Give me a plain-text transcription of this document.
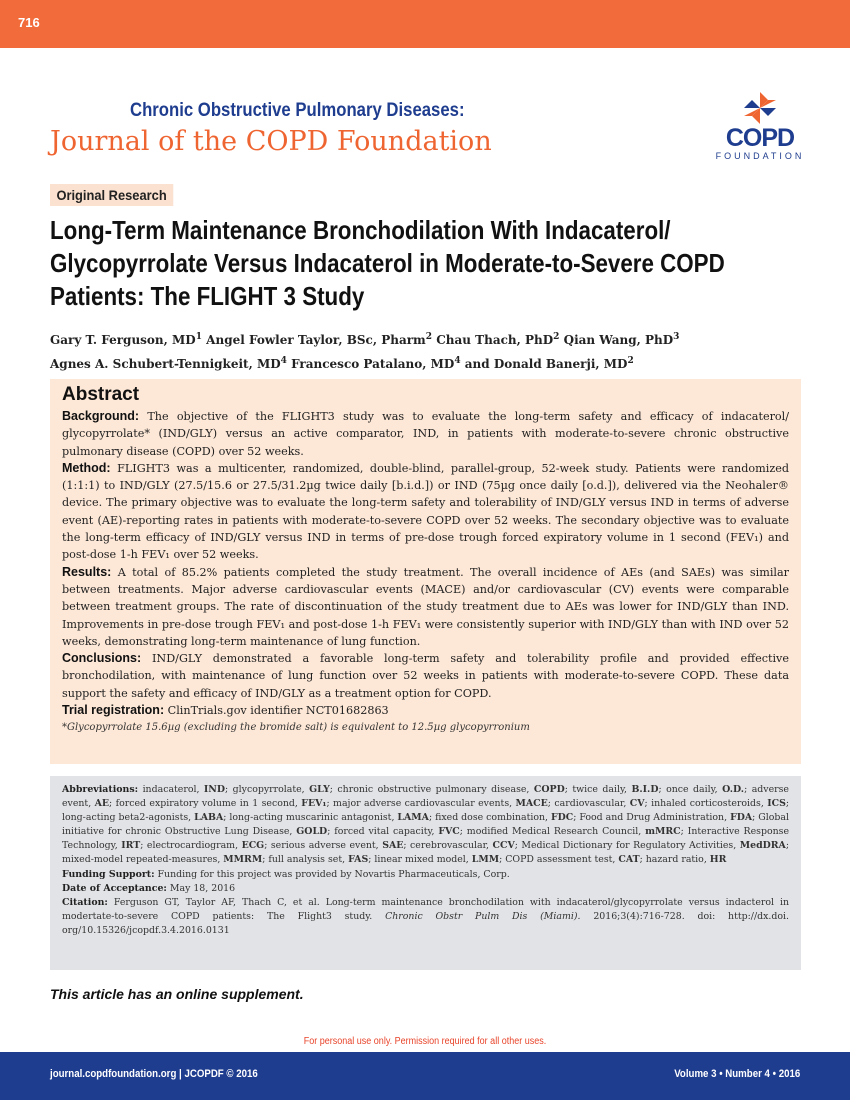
716
Chronic Obstructive Pulmonary Diseases:
Journal of the COPD Foundation	COPD
FOUNDATION
Original Research
Long-Term Maintenance Bronchodilation With Indacaterol/
Glycopyrrolate Versus Indacaterol in Moderate-to-Severe COPD
Patients: The FLIGHT 3 Study
Gary T. Ferguson, $MD^1$ Angel Fowler Taylor, BSc, Pharm$^2$ Chau Thach, PhD$^2$ Qian Wang, PhD$^3$
Agnes A. Schubert-Tennigkeit, $MD^4$ Francesco Patalano, $MD^4$ and Donald Banerji, $MD^2$
Abstract

Background: The objective of the FLIGHT3 study was to evaluate the long-term safety and efficacy of indacaterol/ glycopyrrolate* (IND/GLY) versus an active comparator, IND, in patients with moderate-to-severe chronic obstructive pulmonary disease (COPD) over 52 weeks.

Method: FLIGHT3 was a multicenter, randomized, double-blind, parallel-group, 52-week study. Patients were randomized (1:1:1) to IND/GLY (27.5/15.6 or 27.5/31.2µg twice daily [b.i.d.]) or IND (75µg once daily [o.d.]), delivered via the Neohaler® device. The primary objective was to evaluate the long-term safety and tolerability of IND/GLY versus IND in terms of adverse event (AE)-reporting rates in patients with moderate-to-severe COPD over 52 weeks. The secondary objective was to evaluate the long-term efficacy of IND/GLY versus IND in terms of pre-dose trough forced expiratory volume in 1 second (FEV₁) and post-dose 1-h FEV₁ over 52 weeks.

Results: A total of 85.2% patients completed the study treatment. The overall incidence of AEs (and SAEs) was similar between treatments. Major adverse cardiovascular events (MACE) and/or cardiovascular (CV) events were comparable between treatment groups. The rate of discontinuation of the study treatment due to AEs was lower for IND/GLY than IND. Improvements in pre-dose trough FEV₁ and post-dose 1-h FEV₁ were consistently superior with IND/GLY than with IND over 52 weeks, demonstrating long-term maintenance of lung function.

Conclusions: IND/GLY demonstrated a favorable long-term safety and tolerability profile and provided effective bronchodilation, with maintenance of lung function over 52 weeks in patients with moderate-to-severe COPD. These data support the safety and efficacy of IND/GLY as a treatment option for COPD.

Trial registration: ClinTrials.gov identifier NCT01682863

*Glycopyrrolate 15.6µg (excluding the bromide salt) is equivalent to 12.5µg glycopyrronium

Abbreviations: indacaterol, IND; glycopyrrolate, GLY; chronic obstructive pulmonary disease, COPD; twice daily, B.I.D; once daily, O.D.; adverse event, AE; forced expiratory volume in 1 second, FEV₁; major adverse cardiovascular events, MACE; cardiovascular, CV; inhaled corticosteroids, ICS; long-acting beta2-agonists, LABA; long-acting muscarinic antagonist, LAMA; fixed dose combination, FDC; Food and Drug Administration, FDA; Global initiative for chronic Obstructive Lung Disease, GOLD; forced vital capacity, FVC; modified Medical Research Council, mMRC; Interactive Response Technology, IRT; electrocardiogram, ECG; serious adverse event, SAE; cerebrovascular, CCV; Medical Dictionary for Regulatory Activities, MedDRA; mixed-model repeated-measures, MMRM; full analysis set, FAS; linear mixed model, LMM; COPD assessment test, CAT; hazard ratio, HR

Funding Support: Funding for this project was provided by Novartis Pharmaceuticals, Corp.

Date of Acceptance: May 18, 2016

Citation: Ferguson GT, Taylor AF, Thach C, et al. Long-term maintenance bronchodilation with indacaterol/glycopyrrolate versus indacterol in modertate-to-severe COPD patients: The Flight3 study. Chronic Obstr Pulm Dis (Miami). 2016;3(4):716-728. doi: http://dx.doi. org/10.15326/jcopdf.3.4.2016.0131

This article has an online supplement.
For personal use only. Permission required for all other uses.
journal.copdfoundation.org | JCOPDF © 2016	Volume 3 • Number 4 • 2016
